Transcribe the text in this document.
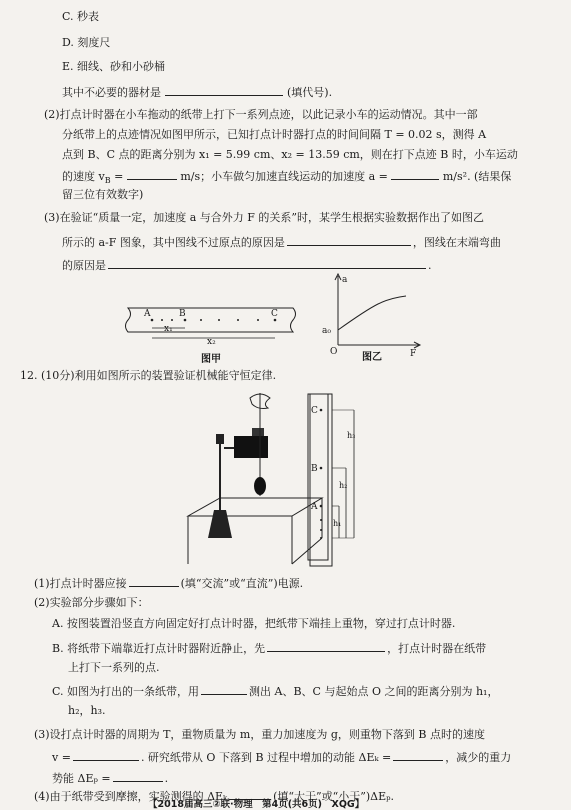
C. 秒表
D. 刻度尺
E. 细线、砂和小砂桶
其中不必要的器材是	(填代号).
(2)打点计时器在小车拖动的纸带上打下一系列点迹，以此记录小车的运动情况。其中一部
分纸带上的点迹情况如图甲所示，已知打点计时器打点的时间间隔 T = 0.02 s，测得 A
点到 B、C 点的距离分别为 x₁ = 5.99 cm、x₂ = 13.59 cm，则在打下点迹 B 时，小车运动
的速度 $v_B$ =	m/s；小车做匀加速直线运动的加速度 a =	m/s². (结果保
留三位有效数字)
(3)在验证“质量一定，加速度 a 与合外力 F 的关系”时，某学生根据实验数据作出了如图乙
所示的 a-F 图象，其中图线不过原点的原因是	，图线在末端弯曲
的原因是	.
A	B	C
x₁
x₂
图甲
a
a₀
O	F
图乙
12. (10分)利用如图所示的装置验证机械能守恒定律.
C
B
A
h₁
h₂
h₃
(1)打点计时器应接	(填“交流”或“直流”)电源.
(2)实验部分步骤如下：
A. 按图装置沿竖直方向固定好打点计时器，把纸带下端挂上重物，穿过打点计时器.
B. 将纸带下端靠近打点计时器附近静止，先	，打点计时器在纸带
上打下一系列的点.
C. 如图为打出的一条纸带，用	测出 A、B、C 与起始点 O 之间的距离分别为 h₁，
h₂，h₃.
(3)设打点计时器的周期为 T，重物质量为 m，重力加速度为 g，则重物下落到 B 点时的速度
v =	. 研究纸带从 O 下落到 B 过程中增加的动能 ΔEₖ =	，减少的重力
势能 ΔEₚ =	.
(4)由于纸带受到摩擦，实验测得的 ΔEₖ	(填“大于”或“小于”)ΔEₚ.
【2018届高三②联·物理　第4页(共6页)　XQG】
